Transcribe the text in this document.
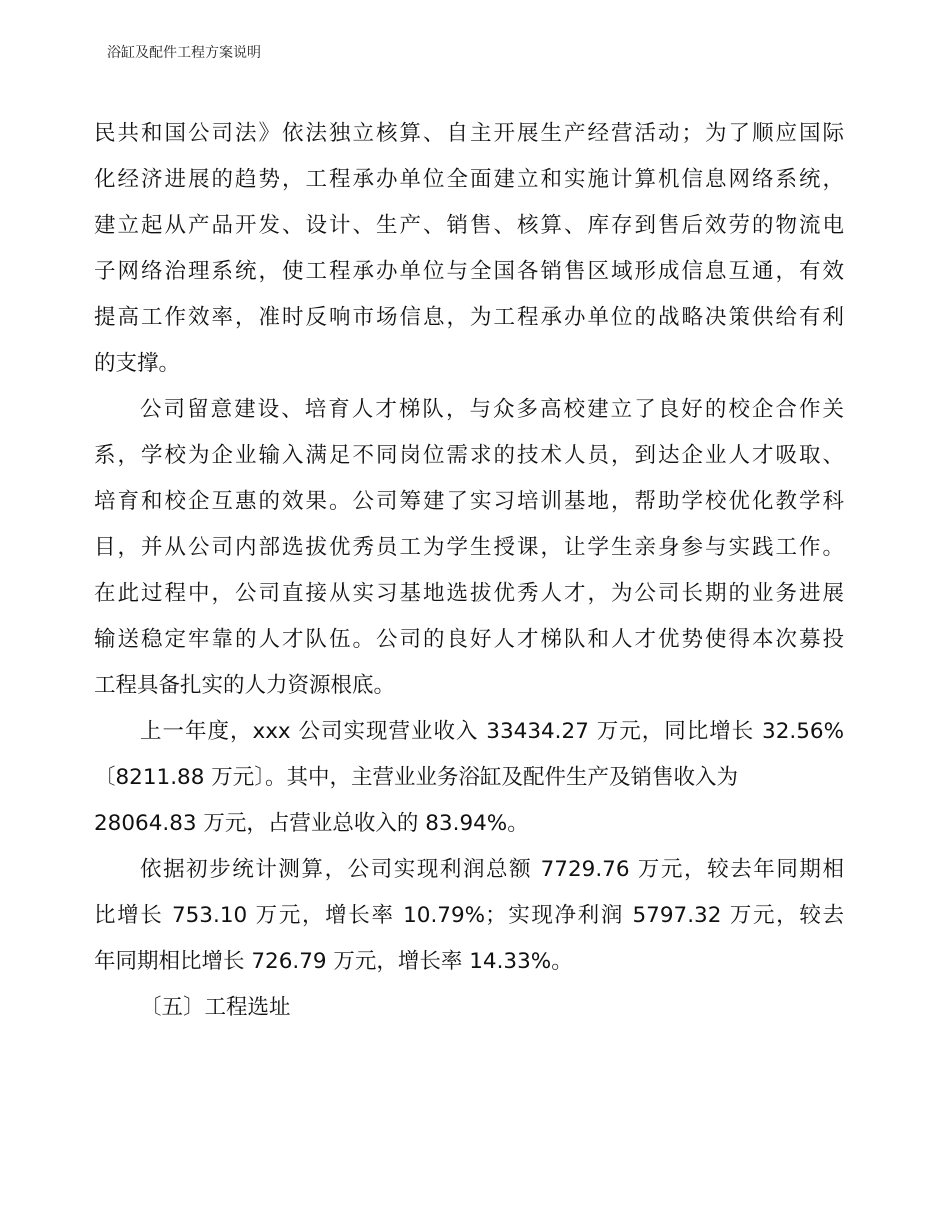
浴缸及配件工程方案说明
民共和国公司法》依法独立核算、自主开展生产经营活动；为了顺应国际
化经济进展的趋势，工程承办单位全面建立和实施计算机信息网络系统，
建立起从产品开发、设计、生产、销售、核算、库存到售后效劳的物流电
子网络治理系统，使工程承办单位与全国各销售区域形成信息互通，有效
提高工作效率，准时反响市场信息，为工程承办单位的战略决策供给有利
的支撑。
公司留意建设、培育人才梯队，与众多高校建立了良好的校企合作关
系，学校为企业输入满足不同岗位需求的技术人员，到达企业人才吸取、
培育和校企互惠的效果。公司筹建了实习培训基地，帮助学校优化教学科
目，并从公司内部选拔优秀员工为学生授课，让学生亲身参与实践工作。
在此过程中，公司直接从实习基地选拔优秀人才，为公司长期的业务进展
输送稳定牢靠的人才队伍。公司的良好人才梯队和人才优势使得本次募投
工程具备扎实的人力资源根底。
上一年度，xxx 公司实现营业收入 33434.27 万元，同比增长 32.56%
〔8211.88 万元〕。其中，主营业业务浴缸及配件生产及销售收入为
28064.83 万元，占营业总收入的 83.94%。
依据初步统计测算，公司实现利润总额 7729.76 万元，较去年同期相
比增长 753.10 万元，增长率 10.79%；实现净利润 5797.32 万元，较去
年同期相比增长 726.79 万元，增长率 14.33%。
〔五〕工程选址
